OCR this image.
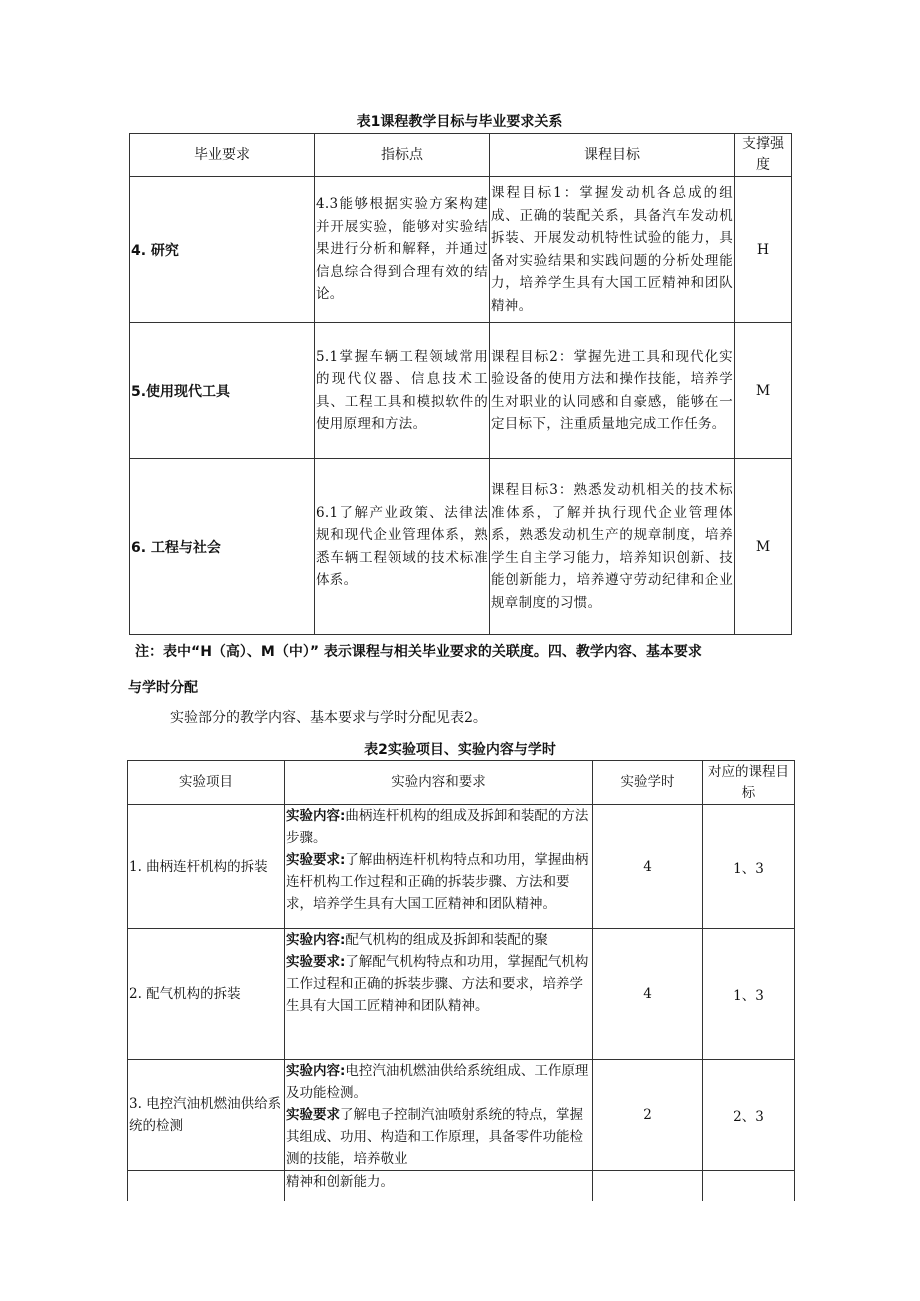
表1课程教学目标与毕业要求关系
毕业要求	指标点	课程目标	支撑强度
4. 研究	4.3能够根据实验方案构建并开展实验，能够对实验结果进行分析和解释，并通过信息综合得到合理有效的结论。	课程目标1：掌握发动机各总成的组成、正确的装配关系，具备汽车发动机拆装、开展发动机特性试验的能力，具备对实验结果和实践问题的分析处理能力，培养学生具有大国工匠精神和团队精神。	H
5.使用现代工具	5.1掌握车辆工程领域常用的现代仪器、信息技术工具、工程工具和模拟软件的使用原理和方法。	课程目标2：掌握先进工具和现代化实验设备的使用方法和操作技能，培养学生对职业的认同感和自豪感，能够在一定目标下，注重质量地完成工作任务。	M
6. 工程与社会	6.1了解产业政策、法律法规和现代企业管理体系，熟悉车辆工程领域的技术标准体系。	课程目标3：熟悉发动机相关的技术标准体系，了解并执行现代企业管理体系，熟悉发动机生产的规章制度，培养学生自主学习能力，培养知识创新、技能创新能力，培养遵守劳动纪律和企业规章制度的习惯。	M
注：表中“H（高）、M（中）” 表示课程与相关毕业要求的关联度。四、教学内容、基本要求
与学时分配
实验部分的教学内容、基本要求与学时分配见表2。
表2实验项目、实验内容与学时
实验项目	实验内容和要求	实验学时	对应的课程目标
1. 曲柄连杆机构的拆装	实验内容:曲柄连杆机构的组成及拆卸和装配的方法步骤。
实验要求:了解曲柄连杆机构特点和功用，掌握曲柄连杆机构工作过程和正确的拆装步骤、方法和要求，培养学生具有大国工匠精神和团队精神。	4	1、3
2. 配气机构的拆装	实验内容:配气机构的组成及拆卸和装配的聚
实验要求:了解配气机构特点和功用，掌握配气机构工作过程和正确的拆装步骤、方法和要求，培养学生具有大国工匠精神和团队精神。	4	1、3
3. 电控汽油机燃油供给系统的检测	实验内容:电控汽油机燃油供给系统组成、工作原理及功能检测。
实验要求了解电子控制汽油喷射系统的特点，掌握其组成、功用、构造和工作原理，具备零件功能检测的技能，培养敬业	2	2、3
	精神和创新能力。		
